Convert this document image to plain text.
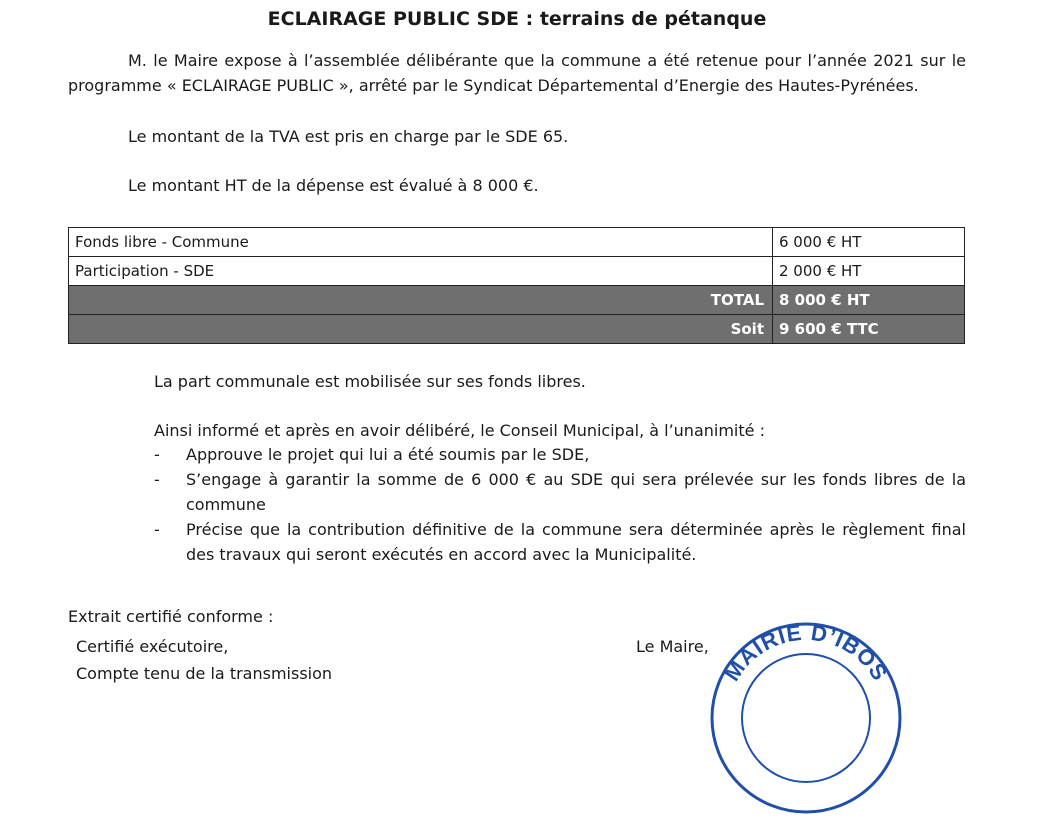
ECLAIRAGE PUBLIC SDE : terrains de pétanque
M. le Maire expose à l’assemblée délibérante que la commune a été retenue pour l’année 2021 sur le programme « ECLAIRAGE PUBLIC », arrêté par le Syndicat Départemental d’Energie des Hautes-Pyrénées.
Le montant de la TVA est pris en charge par le SDE 65.
Le montant HT de la dépense est évalué à 8 000 €.
Fonds libre - Commune	6 000 € HT
Participation - SDE	2 000 € HT
TOTAL	8 000 € HT
Soit	9 600 € TTC
La part communale est mobilisée sur ses fonds libres.
Ainsi informé et après en avoir délibéré, le Conseil Municipal, à l’unanimité :
- Approuve le projet qui lui a été soumis par le SDE,
- S’engage à garantir la somme de 6 000 € au SDE qui sera prélevée sur les fonds libres de la commune
- Précise que la contribution définitive de la commune sera déterminée après le règlement final des travaux qui seront exécutés en accord avec la Municipalité.
Extrait certifié conforme :
Certifié exécutoire,
Compte tenu de la transmission
Le Maire,
MAIRIE D’IBOS
